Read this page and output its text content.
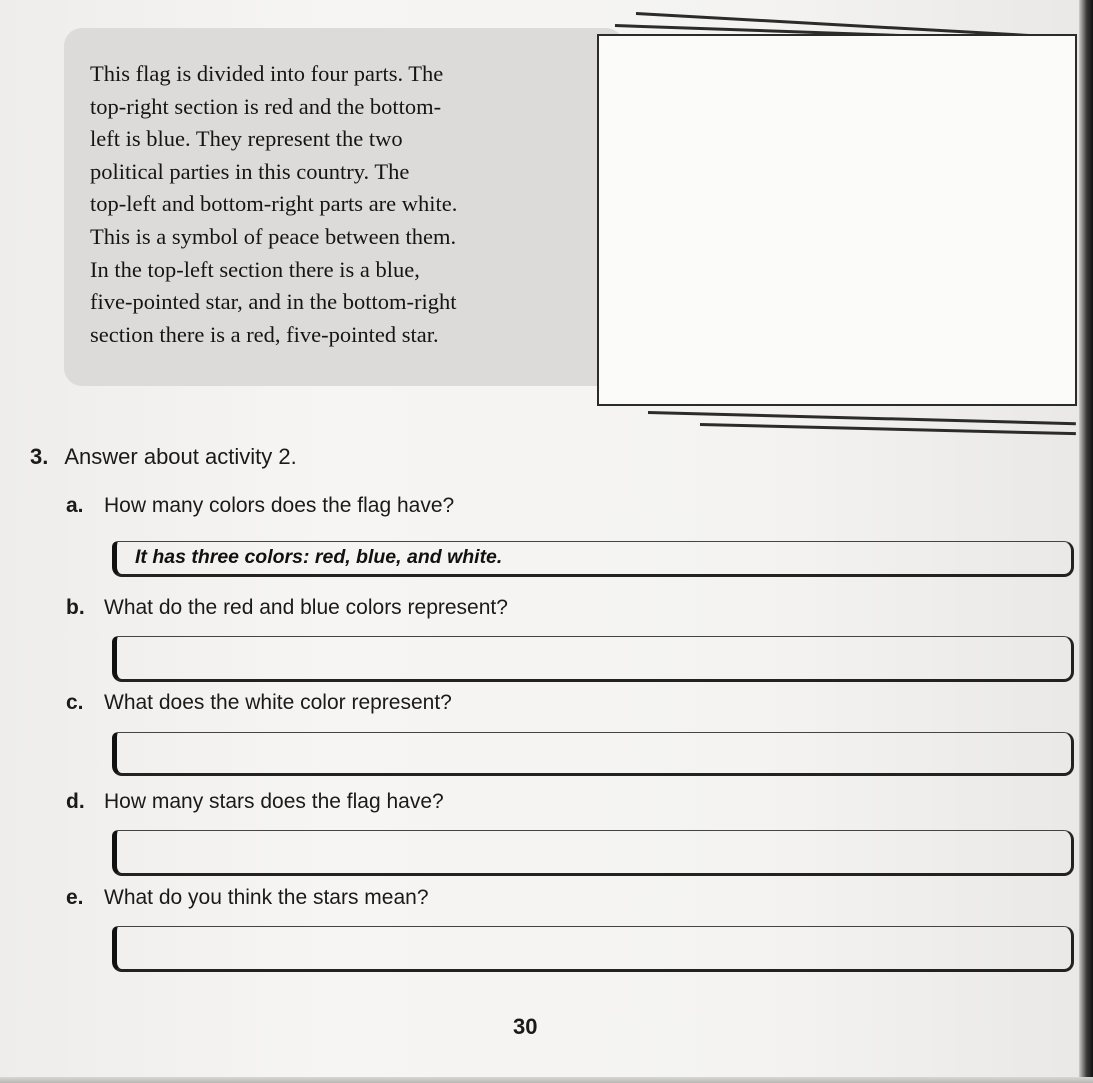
This flag is divided into four parts. The
top-right section is red and the bottom-
left is blue. They represent the two
political parties in this country. The
top-left and bottom-right parts are white.
This is a symbol of peace between them.
In the top-left section there is a blue,
five-pointed star, and in the bottom-right
section there is a red, five-pointed star.

3. Answer about activity 2.

a. How many colors does the flag have?

It has three colors: red, blue, and white.

b. What do the red and blue colors represent?

c. What does the white color represent?

d. How many stars does the flag have?

e. What do you think the stars mean?

30
